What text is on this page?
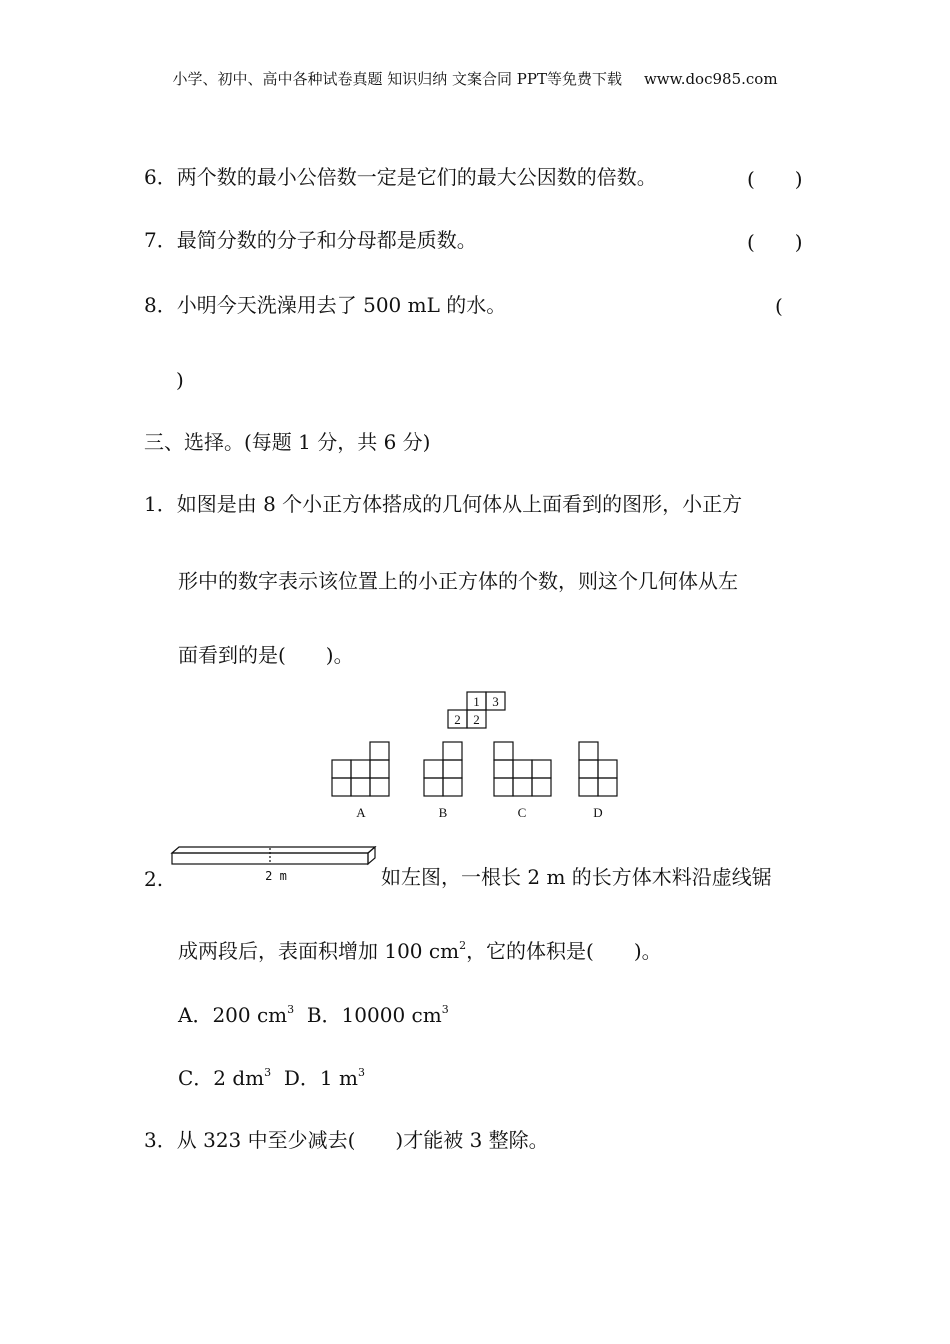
小学、初中、高中各种试卷真题 知识归纳 文案合同 PPT等免费下载 www.doc985.com
6．两个数的最小公倍数一定是它们的最大公因数的倍数。	(　　)
7．最简分数的分子和分母都是质数。	(　　)
8．小明今天洗澡用去了 500 mL 的水。	(
)
三、选择。(每题 1 分，共 6 分)
1．如图是由 8 个小正方体搭成的几何体从上面看到的图形，小正方
形中的数字表示该位置上的小正方体的个数，则这个几何体从左
面看到的是(　　)。
1 3
2 2
A	B	C	D
2.	2 m	如左图，一根长 2 m 的长方体木料沿虚线锯
成两段后，表面积增加 100 $cm^2$，它的体积是(　　)。
A．200 $cm^3$ B．10000 $cm^3$
C．2 $dm^3$ D．1 $m^3$
3．从 323 中至少减去(　　)才能被 3 整除。
